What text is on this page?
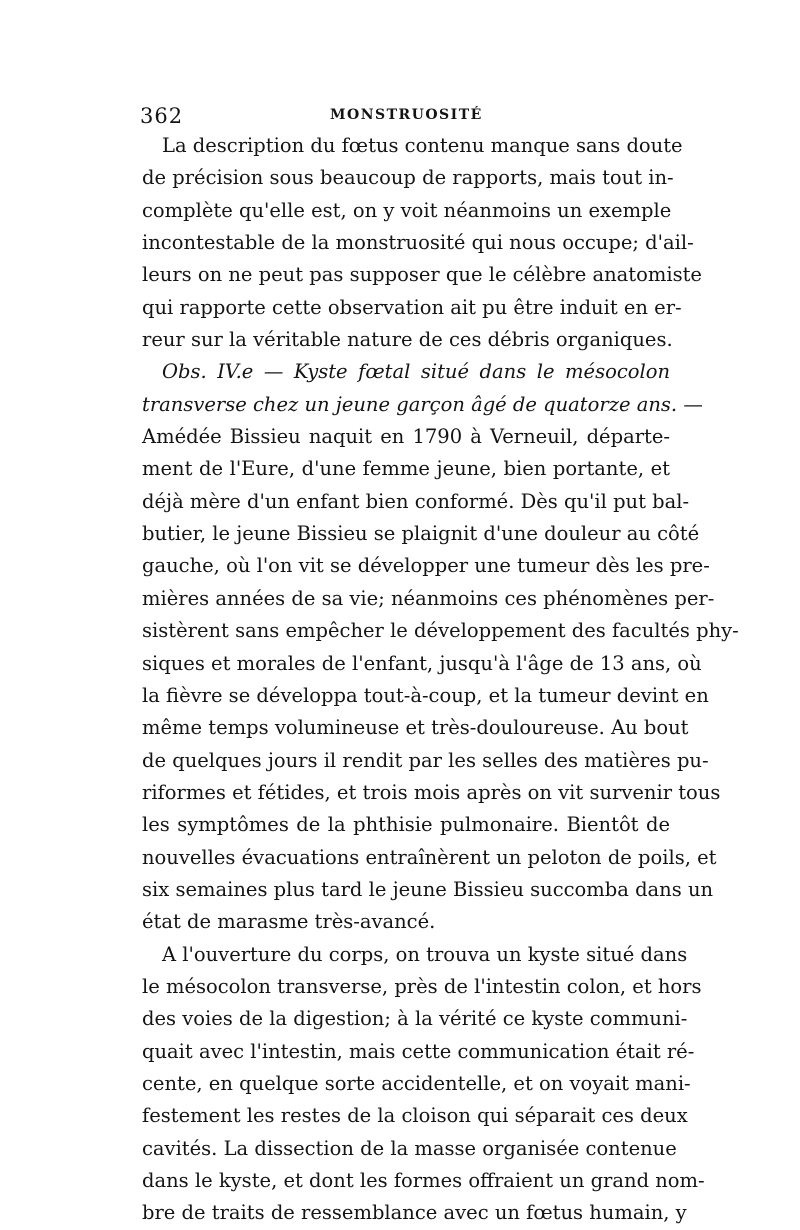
362	MONSTRUOSITÉ
La description du fœtus contenu manque sans doute
de précision sous beaucoup de rapports, mais tout in-
complète qu'elle est, on y voit néanmoins un exemple
incontestable de la monstruosité qui nous occupe; d'ail-
leurs on ne peut pas supposer que le célèbre anatomiste
qui rapporte cette observation ait pu être induit en er-
reur sur la véritable nature de ces débris organiques.
Obs. IV.e — Kyste fœtal situé dans le mésocolon
transverse chez un jeune garçon âgé de quatorze ans. —
Amédée Bissieu naquit en 1790 à Verneuil, départe-
ment de l'Eure, d'une femme jeune, bien portante, et
déjà mère d'un enfant bien conformé. Dès qu'il put bal-
butier, le jeune Bissieu se plaignit d'une douleur au côté
gauche, où l'on vit se développer une tumeur dès les pre-
mières années de sa vie; néanmoins ces phénomènes per-
sistèrent sans empêcher le développement des facultés phy-
siques et morales de l'enfant, jusqu'à l'âge de 13 ans, où
la fièvre se développa tout-à-coup, et la tumeur devint en
même temps volumineuse et très-douloureuse. Au bout
de quelques jours il rendit par les selles des matières pu-
riformes et fétides, et trois mois après on vit survenir tous
les symptômes de la phthisie pulmonaire. Bientôt de
nouvelles évacuations entraînèrent un peloton de poils, et
six semaines plus tard le jeune Bissieu succomba dans un
état de marasme très-avancé.
A l'ouverture du corps, on trouva un kyste situé dans
le mésocolon transverse, près de l'intestin colon, et hors
des voies de la digestion; à la vérité ce kyste communi-
quait avec l'intestin, mais cette communication était ré-
cente, en quelque sorte accidentelle, et on voyait mani-
festement les restes de la cloison qui séparait ces deux
cavités. La dissection de la masse organisée contenue
dans le kyste, et dont les formes offraient un grand nom-
bre de traits de ressemblance avec un fœtus humain, y
